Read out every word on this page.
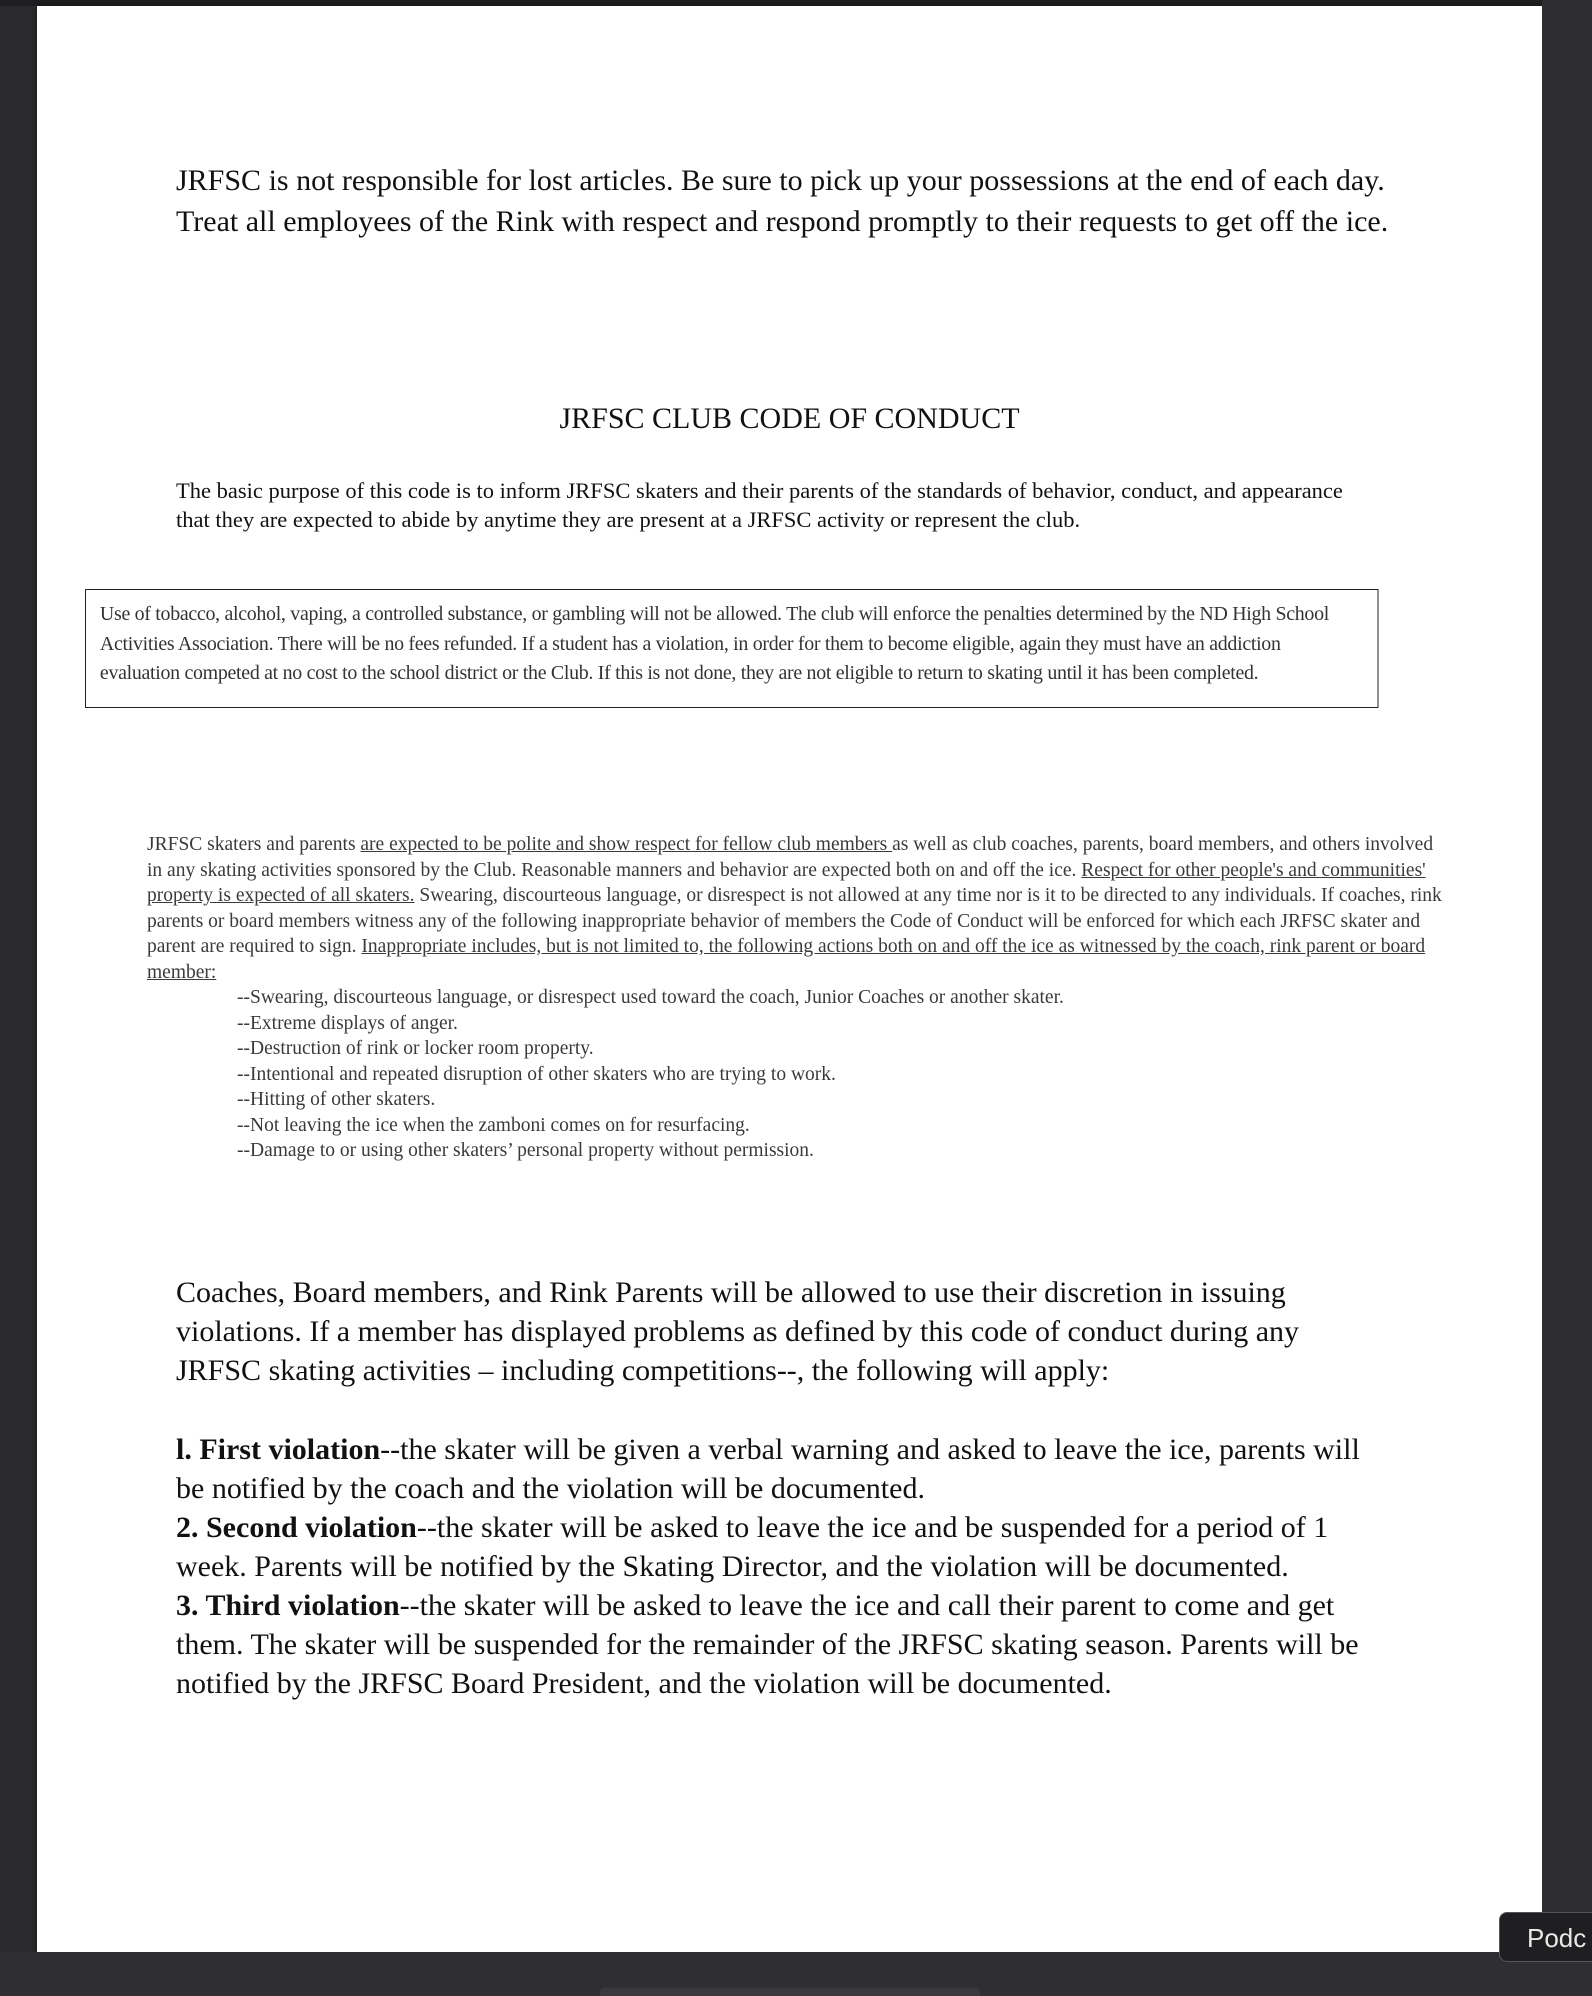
JRFSC is not responsible for lost articles. Be sure to pick up your possessions at the end of each day.
Treat all employees of the Rink with respect and respond promptly to their requests to get off the ice.
JRFSC CLUB CODE OF CONDUCT
The basic purpose of this code is to inform JRFSC skaters and their parents of the standards of behavior, conduct, and appearance that they are expected to abide by anytime they are present at a JRFSC activity or represent the club.
Use of tobacco, alcohol, vaping, a controlled substance, or gambling will not be allowed. The club will enforce the penalties determined by the ND High School Activities Association. There will be no fees refunded. If a student has a violation, in order for them to become eligible, again they must have an addiction evaluation competed at no cost to the school district or the Club. If this is not done, they are not eligible to return to skating until it has been completed.
JRFSC skaters and parents are expected to be polite and show respect for fellow club members as well as club coaches, parents, board members, and others involved in any skating activities sponsored by the Club. Reasonable manners and behavior are expected both on and off the ice. Respect for other people's and communities' property is expected of all skaters. Swearing, discourteous language, or disrespect is not allowed at any time nor is it to be directed to any individuals. If coaches, rink parents or board members witness any of the following inappropriate behavior of members the Code of Conduct will be enforced for which each JRFSC skater and parent are required to sign. Inappropriate includes, but is not limited to, the following actions both on and off the ice as witnessed by the coach, rink parent or board member:
--Swearing, discourteous language, or disrespect used toward the coach, Junior Coaches or another skater.
--Extreme displays of anger.
--Destruction of rink or locker room property.
--Intentional and repeated disruption of other skaters who are trying to work.
--Hitting of other skaters.
--Not leaving the ice when the zamboni comes on for resurfacing.
--Damage to or using other skaters’ personal property without permission.
Coaches, Board members, and Rink Parents will be allowed to use their discretion in issuing violations. If a member has displayed problems as defined by this code of conduct during any JRFSC skating activities – including competitions--, the following will apply:
l. First violation--the skater will be given a verbal warning and asked to leave the ice, parents will be notified by the coach and the violation will be documented.
2. Second violation--the skater will be asked to leave the ice and be suspended for a period of 1 week. Parents will be notified by the Skating Director, and the violation will be documented.
3. Third violation--the skater will be asked to leave the ice and call their parent to come and get them. The skater will be suspended for the remainder of the JRFSC skating season. Parents will be notified by the JRFSC Board President, and the violation will be documented.
Podc
